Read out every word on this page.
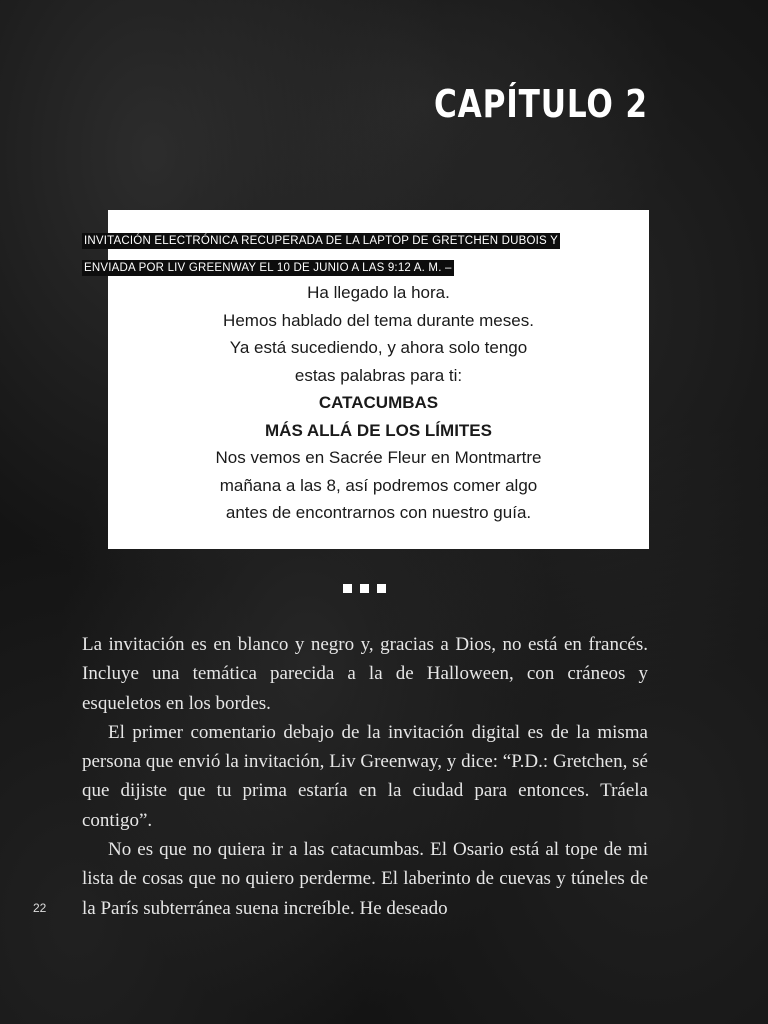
CAPÍTULO 2
INVITACIÓN ELECTRÓNICA RECUPERADA DE LA LAPTOP DE GRETCHEN DUBOIS Y
ENVIADA POR LIV GREENWAY EL 10 DE JUNIO A LAS 9:12 A. M. –
Ha llegado la hora.
Hemos hablado del tema durante meses.
Ya está sucediendo, y ahora solo tengo
estas palabras para ti:
CATACUMBAS
MÁS ALLÁ DE LOS LÍMITES
Nos vemos en Sacrée Fleur en Montmartre
mañana a las 8, así podremos comer algo
antes de encontrarnos con nuestro guía.

La invitación es en blanco y negro y, gracias a Dios, no está en francés. Incluye una temática parecida a la de Halloween, con cráneos y esqueletos en los bordes.

El primer comentario debajo de la invitación digital es de la misma persona que envió la invitación, Liv Greenway, y dice: “P.D.: Gretchen, sé que dijiste que tu prima estaría en la ciudad para entonces. Tráela contigo”.

No es que no quiera ir a las catacumbas. El Osario está al tope de mi lista de cosas que no quiero perderme. El laberinto de cuevas y túneles de la París subterránea suena increíble. He deseado

22
